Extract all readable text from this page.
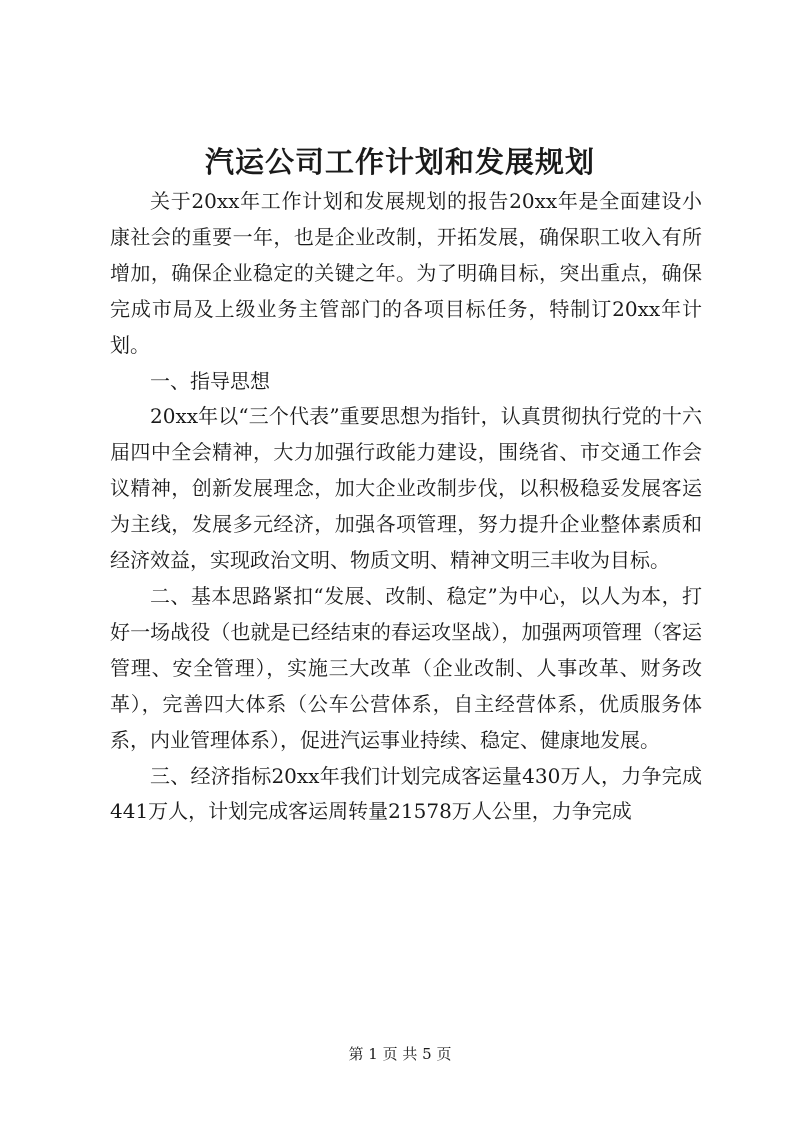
汽运公司工作计划和发展规划

关于20xx年工作计划和发展规划的报告20xx年是全面建设小康社会的重要一年，也是企业改制，开拓发展，确保职工收入有所增加，确保企业稳定的关键之年。为了明确目标，突出重点，确保完成市局及上级业务主管部门的各项目标任务，特制订20xx年计划。

一、指导思想

20xx年以“三个代表”重要思想为指针，认真贯彻执行党的十六届四中全会精神，大力加强行政能力建设，围绕省、市交通工作会议精神，创新发展理念，加大企业改制步伐，以积极稳妥发展客运为主线，发展多元经济，加强各项管理，努力提升企业整体素质和经济效益，实现政治文明、物质文明、精神文明三丰收为目标。

二、基本思路紧扣“发展、改制、稳定”为中心，以人为本，打好一场战役（也就是已经结束的春运攻坚战），加强两项管理（客运管理、安全管理），实施三大改革（企业改制、人事改革、财务改革），完善四大体系（公车公营体系，自主经营体系，优质服务体系，内业管理体系），促进汽运事业持续、稳定、健康地发展。

三、经济指标20xx年我们计划完成客运量430万人，力争完成441万人，计划完成客运周转量21578万人公里，力争完成

第 1 页 共 5 页
